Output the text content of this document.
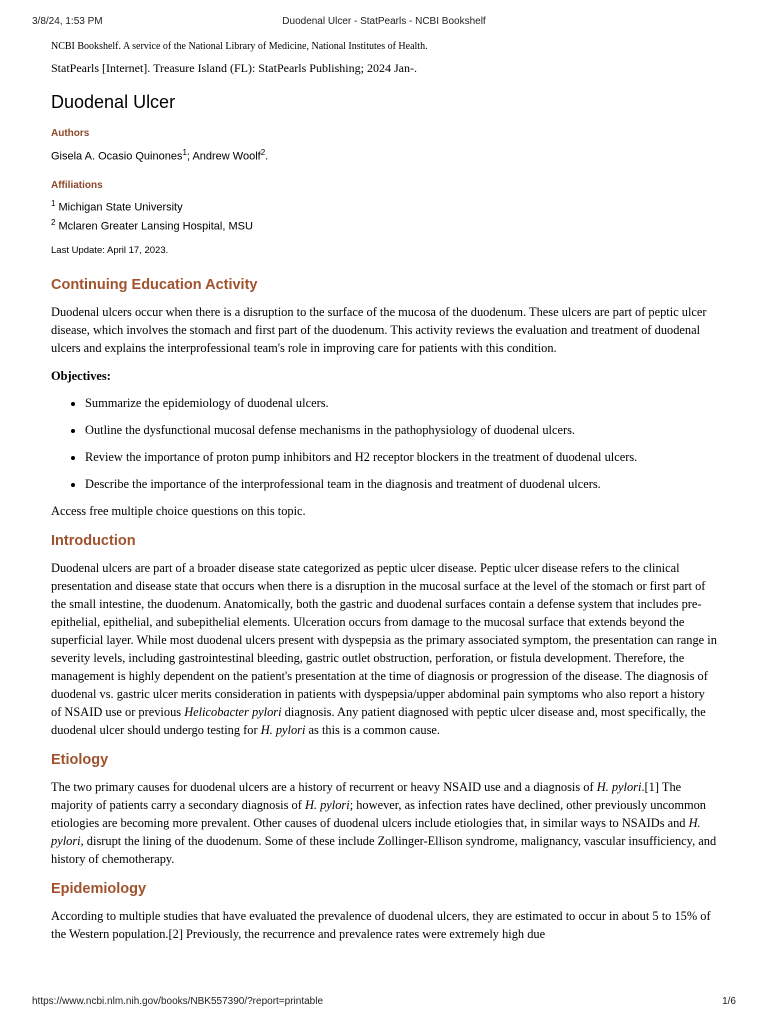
3/8/24, 1:53 PM	Duodenal Ulcer - StatPearls - NCBI Bookshelf

NCBI Bookshelf. A service of the National Library of Medicine, National Institutes of Health.

StatPearls [Internet]. Treasure Island (FL): StatPearls Publishing; 2024 Jan-.

Duodenal Ulcer

Authors

Gisela A. Ocasio Quinones$^1$; Andrew Woolf$^2$.

Affiliations

$^1$ Michigan State University

$^2$ Mclaren Greater Lansing Hospital, MSU

Last Update: April 17, 2023.

Continuing Education Activity

Duodenal ulcers occur when there is a disruption to the surface of the mucosa of the duodenum. These ulcers are part of peptic ulcer disease, which involves the stomach and first part of the duodenum. This activity reviews the evaluation and treatment of duodenal ulcers and explains the interprofessional team's role in improving care for patients with this condition.

Objectives:

• Summarize the epidemiology of duodenal ulcers.
• Outline the dysfunctional mucosal defense mechanisms in the pathophysiology of duodenal ulcers.
• Review the importance of proton pump inhibitors and H2 receptor blockers in the treatment of duodenal ulcers.
• Describe the importance of the interprofessional team in the diagnosis and treatment of duodenal ulcers.

Access free multiple choice questions on this topic.

Introduction

Duodenal ulcers are part of a broader disease state categorized as peptic ulcer disease. Peptic ulcer disease refers to the clinical presentation and disease state that occurs when there is a disruption in the mucosal surface at the level of the stomach or first part of the small intestine, the duodenum. Anatomically, both the gastric and duodenal surfaces contain a defense system that includes pre-epithelial, epithelial, and subepithelial elements. Ulceration occurs from damage to the mucosal surface that extends beyond the superficial layer. While most duodenal ulcers present with dyspepsia as the primary associated symptom, the presentation can range in severity levels, including gastrointestinal bleeding, gastric outlet obstruction, perforation, or fistula development. Therefore, the management is highly dependent on the patient's presentation at the time of diagnosis or progression of the disease. The diagnosis of duodenal vs. gastric ulcer merits consideration in patients with dyspepsia/upper abdominal pain symptoms who also report a history of NSAID use or previous Helicobacter pylori diagnosis. Any patient diagnosed with peptic ulcer disease and, most specifically, the duodenal ulcer should undergo testing for H. pylori as this is a common cause.

Etiology

The two primary causes for duodenal ulcers are a history of recurrent or heavy NSAID use and a diagnosis of H. pylori.[1] The majority of patients carry a secondary diagnosis of H. pylori; however, as infection rates have declined, other previously uncommon etiologies are becoming more prevalent. Other causes of duodenal ulcers include etiologies that, in similar ways to NSAIDs and H. pylori, disrupt the lining of the duodenum. Some of these include Zollinger-Ellison syndrome, malignancy, vascular insufficiency, and history of chemotherapy.

Epidemiology

According to multiple studies that have evaluated the prevalence of duodenal ulcers, they are estimated to occur in about 5 to 15% of the Western population.[2] Previously, the recurrence and prevalence rates were extremely high due

https://www.ncbi.nlm.nih.gov/books/NBK557390/?report=printable	1/6
